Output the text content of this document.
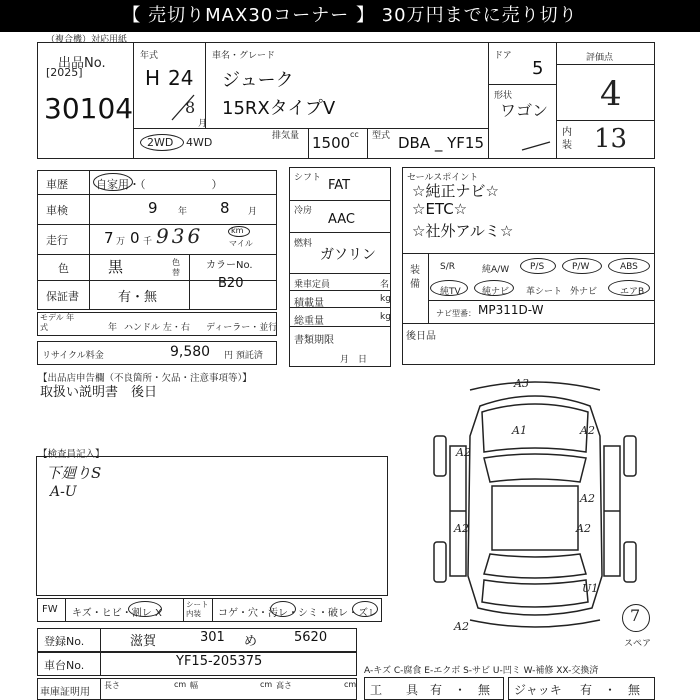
【 売切りMAX30コーナー 】 30万円までに売り切り
（複合機）対応用紙
出品No.
[2025]
30104
年式
H 24
8
月
車名・グレード
ジューク
15RXタイプV
ドア
5
形状
ワゴン
評価点
4
内装 13
2WD 4WD	排気量 1500 cc 型式 DBA _ YF15
車歴	自家用・（　　　　　　）
車検	9 年 8 月
走行 7 万 0 千 936	km
マイル
色	黒	色替
カラーNo.
B20
保証書	有・無
モデル 年式	年 ハンドル 左・右 ディーラー・並行
リサイクル料金	9,580 円 預託済
シフト FAT
冷房
AAC
燃料
ガソリン
乗車定員	名
積載量	kg
総重量	kg
書類期限
月　日
セールスポイント
☆純正ナビ☆
☆ETC☆
☆社外アルミ☆
装備
S/R	純A/W P/S	P/W	ABS
純TV 純ナビ 革シート 外ナビ	エアB
ナビ型番： MP311D-W
後日品
【出品店申告欄（不良箇所・欠品・注意事項等）】
取扱い説明書　後日
【検査員記入】
下廻りS
A-U
A3
A1	A2
A2
A2
A2	A2
U1
A2
7
スペア
FW キズ・ヒビ・割レ X
シート 内装	コゲ・穴・汚レ・シミ・破レ・ズレ
登録No.	滋賀	301 め	5620
車台No.	YF15-205375
車庫証明用
長さ	cm 幅	cm 高さ	cm
A-キズ C-腐食 E-エクボ S-サビ U-凹ミ W-補修 XX-交換済
工　　具 有　・　無 ジャッキ 有　・　無
